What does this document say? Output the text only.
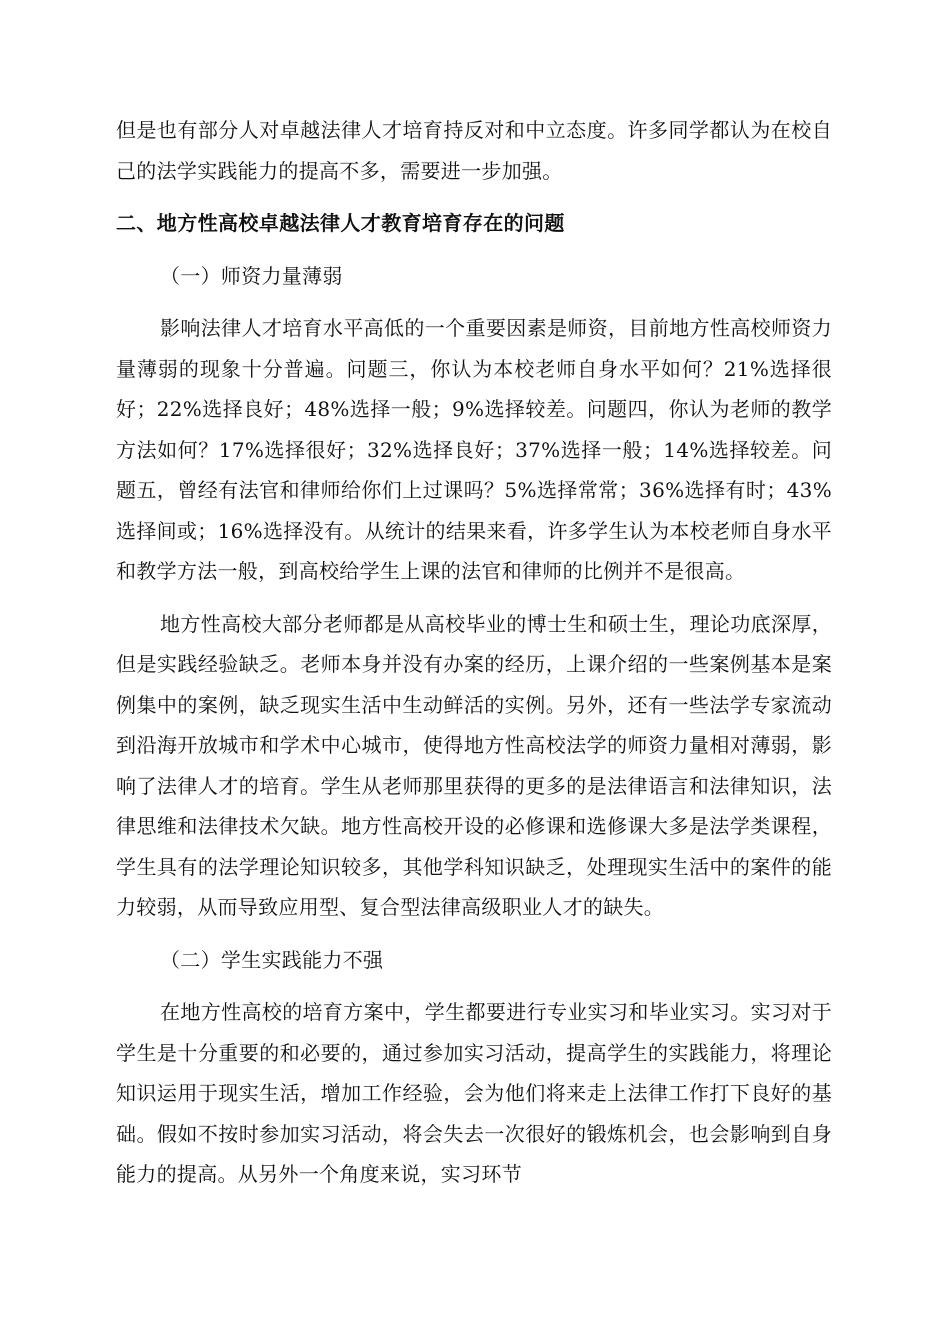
但是也有部分人对卓越法律人才培育持反对和中立态度。许多同学都认为在校自己的法学实践能力的提高不多，需要进一步加强。

二、地方性高校卓越法律人才教育培育存在的问题

（一）师资力量薄弱

影响法律人才培育水平高低的一个重要因素是师资，目前地方性高校师资力量薄弱的现象十分普遍。问题三，你认为本校老师自身水平如何？21%选择很好；22%选择良好；48%选择一般；9%选择较差。问题四，你认为老师的教学方法如何？17%选择很好；32%选择良好；37%选择一般；14%选择较差。问题五，曾经有法官和律师给你们上过课吗？5%选择常常；36%选择有时；43%选择间或；16%选择没有。从统计的结果来看，许多学生认为本校老师自身水平和教学方法一般，到高校给学生上课的法官和律师的比例并不是很高。

地方性高校大部分老师都是从高校毕业的博士生和硕士生，理论功底深厚，但是实践经验缺乏。老师本身并没有办案的经历，上课介绍的一些案例基本是案例集中的案例，缺乏现实生活中生动鲜活的实例。另外，还有一些法学专家流动到沿海开放城市和学术中心城市，使得地方性高校法学的师资力量相对薄弱，影响了法律人才的培育。学生从老师那里获得的更多的是法律语言和法律知识，法律思维和法律技术欠缺。地方性高校开设的必修课和选修课大多是法学类课程，学生具有的法学理论知识较多，其他学科知识缺乏，处理现实生活中的案件的能力较弱，从而导致应用型、复合型法律高级职业人才的缺失。

（二）学生实践能力不强

在地方性高校的培育方案中，学生都要进行专业实习和毕业实习。实习对于学生是十分重要的和必要的，通过参加实习活动，提高学生的实践能力，将理论知识运用于现实生活，增加工作经验，会为他们将来走上法律工作打下良好的基础。假如不按时参加实习活动，将会失去一次很好的锻炼机会，也会影响到自身能力的提高。从另外一个角度来说，实习环节
